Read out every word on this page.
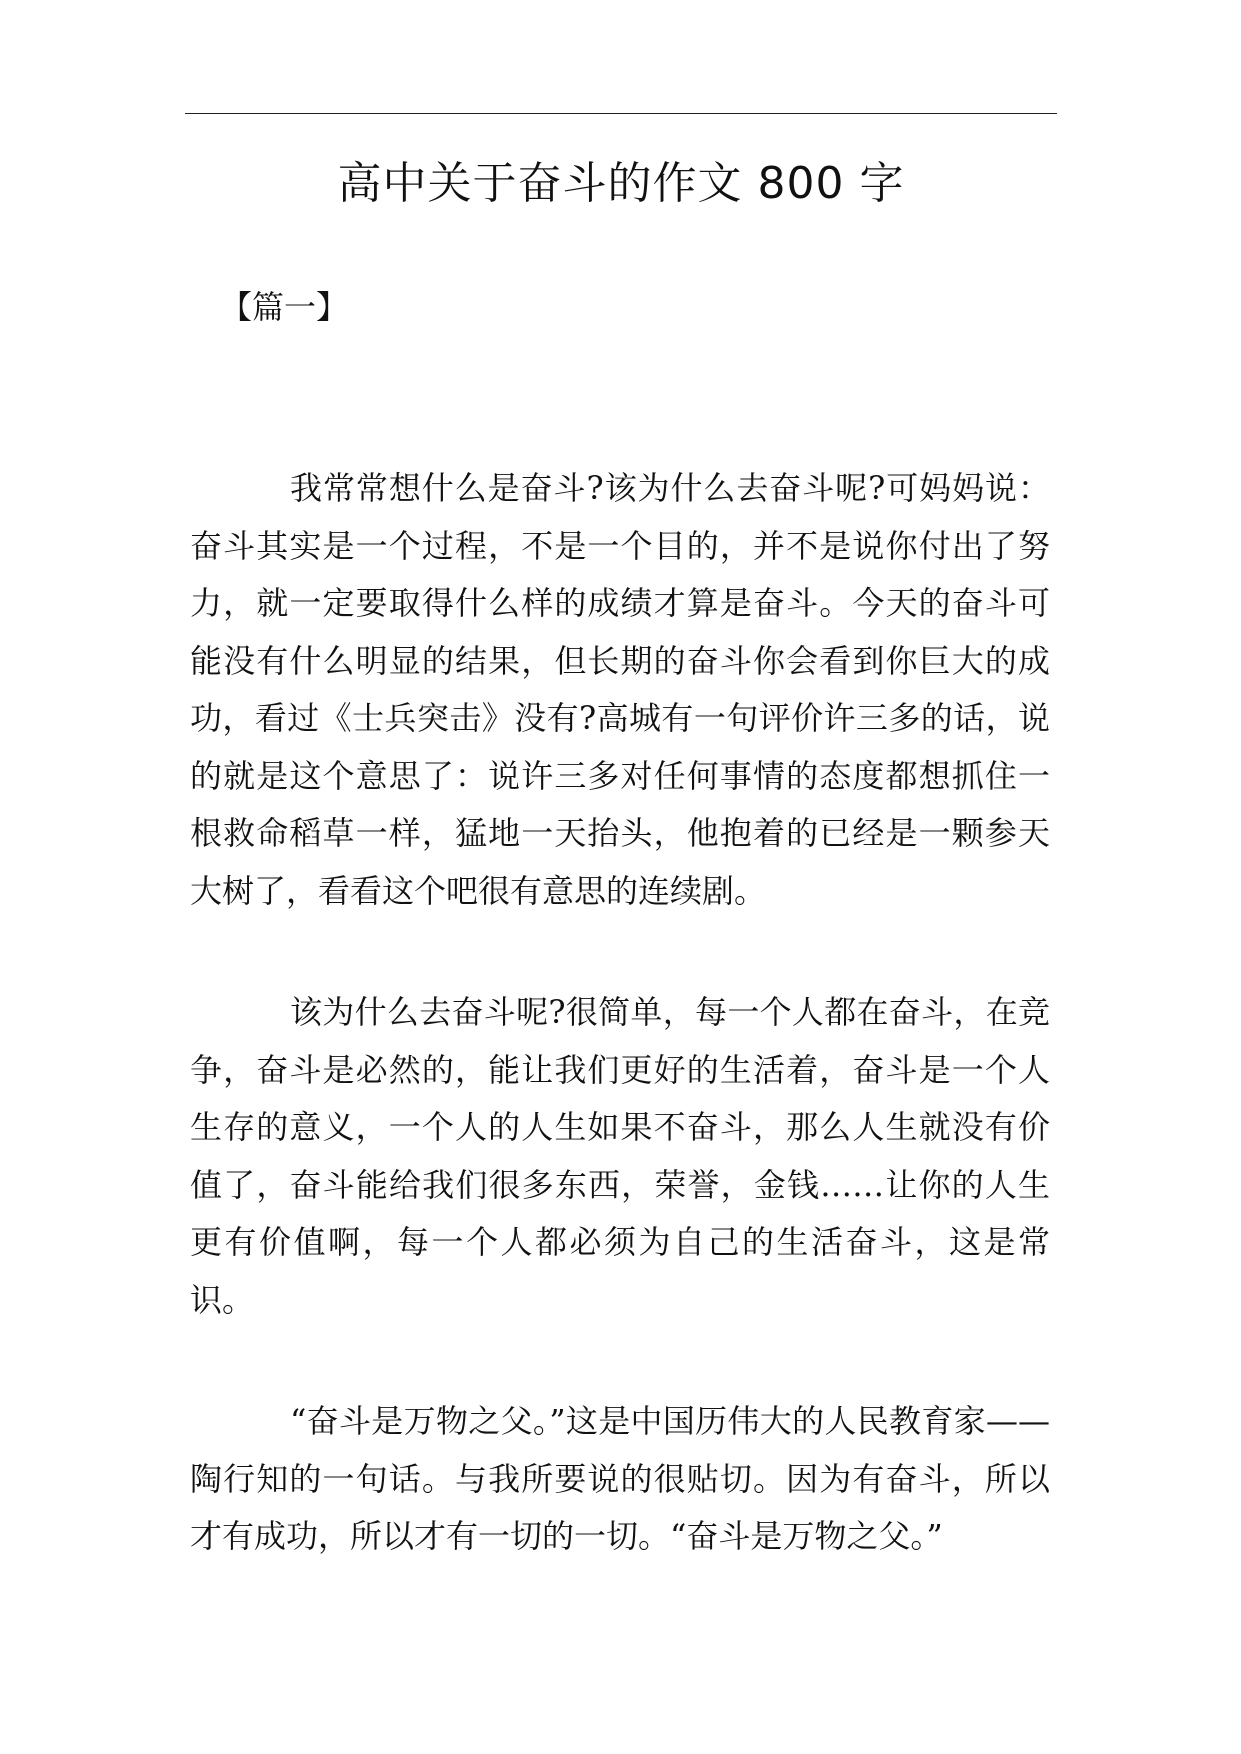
高中关于奋斗的作文 800 字
【篇一】

我常常想什么是奋斗?该为什么去奋斗呢?可妈妈说：奋斗其实是一个过程，不是一个目的，并不是说你付出了努力，就一定要取得什么样的成绩才算是奋斗。今天的奋斗可能没有什么明显的结果，但长期的奋斗你会看到你巨大的成功，看过《士兵突击》没有?高城有一句评价许三多的话，说的就是这个意思了：说许三多对任何事情的态度都想抓住一根救命稻草一样，猛地一天抬头，他抱着的已经是一颗参天大树了，看看这个吧很有意思的连续剧。

该为什么去奋斗呢?很简单，每一个人都在奋斗，在竞争，奋斗是必然的，能让我们更好的生活着，奋斗是一个人生存的意义，一个人的人生如果不奋斗，那么人生就没有价值了，奋斗能给我们很多东西，荣誉，金钱……让你的人生更有价值啊，每一个人都必须为自己的生活奋斗，这是常识。

“奋斗是万物之父。”这是中国历伟大的人民教育家——陶行知的一句话。与我所要说的很贴切。因为有奋斗，所以才有成功，所以才有一切的一切。“奋斗是万物之父。”
